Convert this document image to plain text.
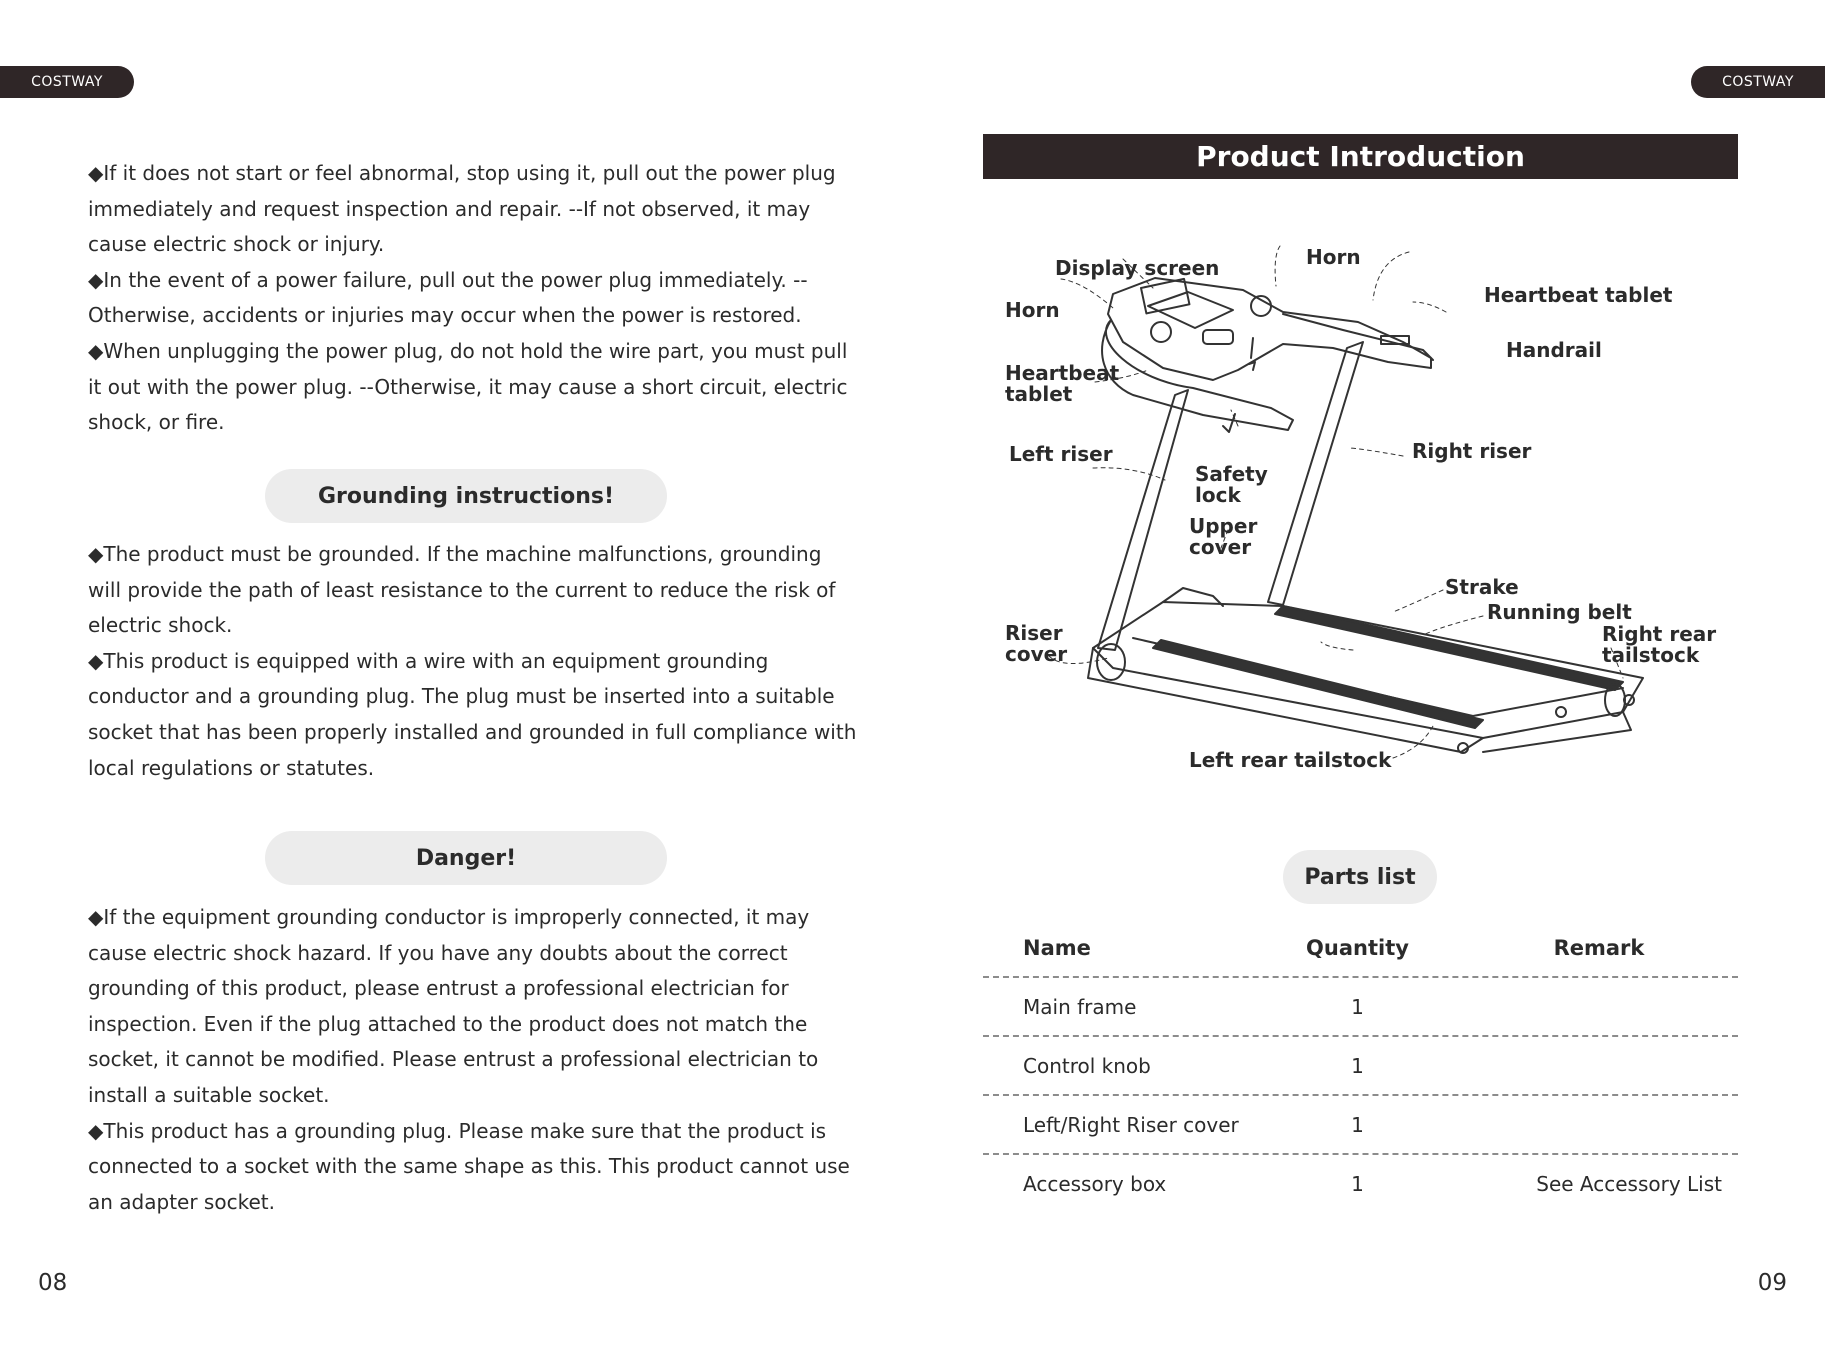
COSTWAY	COSTWAY

◆If it does not start or feel abnormal, stop using it, pull out the power plug immediately and request inspection and repair. --If not observed, it may cause electric shock or injury.

◆In the event of a power failure, pull out the power plug immediately. --Otherwise, accidents or injuries may occur when the power is restored.

◆When unplugging the power plug, do not hold the wire part, you must pull it out with the power plug. --Otherwise, it may cause a short circuit, electric shock, or fire.

Grounding instructions!

◆The product must be grounded. If the machine malfunctions, grounding will provide the path of least resistance to the current to reduce the risk of electric shock.

◆This product is equipped with a wire with an equipment grounding conductor and a grounding plug. The plug must be inserted into a suitable socket that has been properly installed and grounded in full compliance with local regulations or statutes.

Danger!

◆If the equipment grounding conductor is improperly connected, it may cause electric shock hazard. If you have any doubts about the correct grounding of this product, please entrust a professional electrician for inspection. Even if the plug attached to the product does not match the socket, it cannot be modified. Please entrust a professional electrician to install a suitable socket.

◆This product has a grounding plug. Please make sure that the product is connected to a socket with the same shape as this. This product cannot use an adapter socket.

08
Product Introduction
Display screen	Horn
Horn
Heartbeat tablet
Handrail
Heartbeat
tablet
Left riser	Right riser
Safety
lock
Upper
cover
Strake
Running belt
Riser
cover
Right rear
tailstock
Left rear tailstock
Parts list
Name	Quantity	Remark
Main frame	1
Control knob	1
Left/Right Riser cover	1
Accessory box	1	See Accessory List
09
